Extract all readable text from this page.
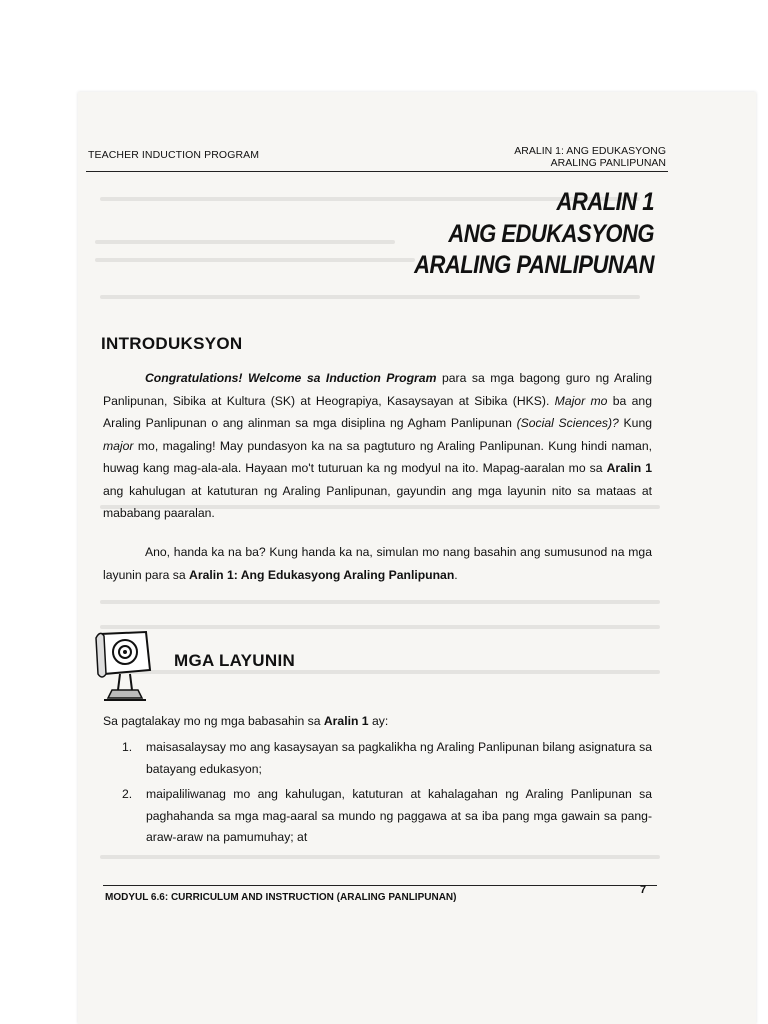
TEACHER INDUCTION PROGRAM	ARALIN 1: ANG EDUKASYONG
ARALING PANLIPUNAN
ARALIN 1
ANG EDUKASYONG
ARALING PANLIPUNAN
INTRODUKSYON
Congratulations! Welcome sa Induction Program para sa mga bagong guro ng Araling Panlipunan, Sibika at Kultura (SK) at Heograpiya, Kasaysayan at Sibika (HKS). Major mo ba ang Araling Panlipunan o ang alinman sa mga disiplina ng Agham Panlipunan (Social Sciences)? Kung major mo, magaling! May pundasyon ka na sa pagtuturo ng Araling Panlipunan. Kung hindi naman, huwag kang mag-ala-ala. Hayaan mo't tuturuan ka ng modyul na ito. Mapag-aaralan mo sa Aralin 1 ang kahulugan at katuturan ng Araling Panlipunan, gayundin ang mga layunin nito sa mataas at mababang paaralan.
Ano, handa ka na ba? Kung handa ka na, simulan mo nang basahin ang sumusunod na mga layunin para sa Aralin 1: Ang Edukasyong Araling Panlipunan.
MGA LAYUNIN
Sa pagtalakay mo ng mga babasahin sa Aralin 1 ay:
1.	maisasalaysay mo ang kasaysayan sa pagkalikha ng Araling Panlipunan bilang asignatura sa batayang edukasyon;
2.	maipaliliwanag mo ang kahulugan, katuturan at kahalagahan ng Araling Panlipunan sa paghahanda sa mga mag-aaral sa mundo ng paggawa at sa iba pang mga gawain sa pang-araw-araw na pamumuhay; at
MODYUL 6.6: CURRICULUM AND INSTRUCTION (ARALING PANLIPUNAN)
7
